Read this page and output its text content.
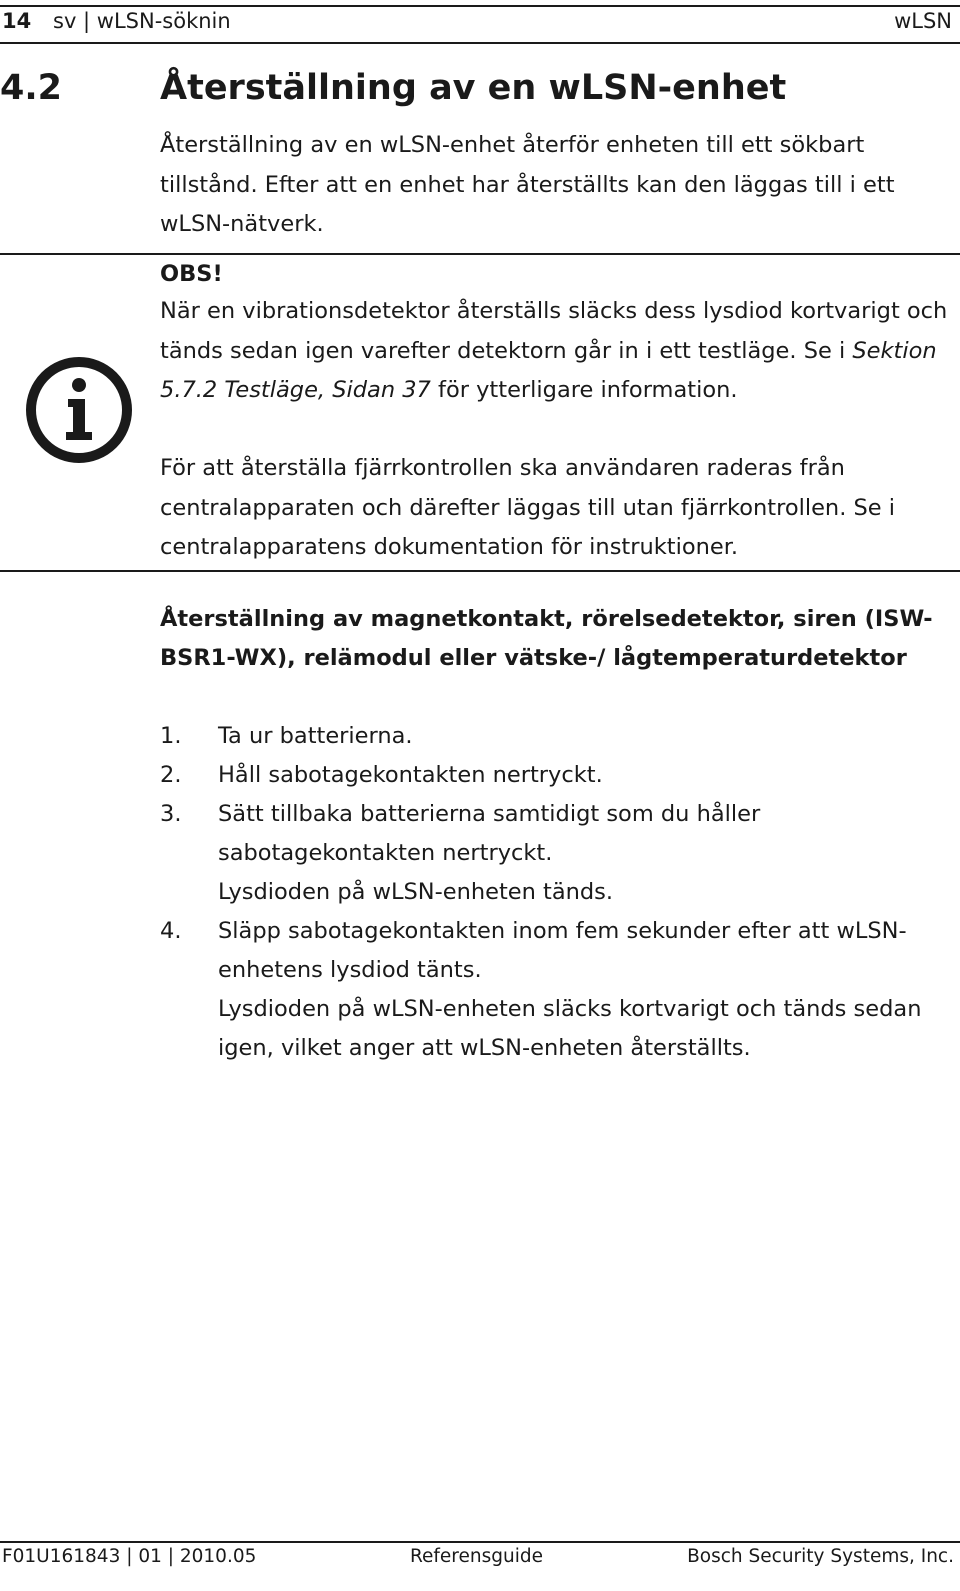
14 sv | wLSN-söknin	wLSN
4.2	Återställning av en wLSN-enhet

Återställning av en wLSN-enhet återför enheten till ett sökbart tillstånd. Efter att en enhet har återställts kan den läggas till i ett wLSN-nätverk.

OBS!

När en vibrationsdetektor återställs släcks dess lysdiod kortvarigt och tänds sedan igen varefter detektorn går in i ett testläge. Se i Sektion 5.7.2 Testläge, Sidan 37 för ytterligare information.

För att återställa fjärrkontrollen ska användaren raderas från centralapparaten och därefter läggas till utan fjärrkontrollen. Se i centralapparatens dokumentation för instruktioner.

Återställning av magnetkontakt, rörelsedetektor, siren (ISW-BSR1-WX), relämodul eller vätske-/ lågtemperaturdetektor

1. Ta ur batterierna.
2. Håll sabotagekontakten nertryckt.
3. Sätt tillbaka batterierna samtidigt som du håller sabotagekontakten nertryckt.
Lysdioden på wLSN-enheten tänds.
4. Släpp sabotagekontakten inom fem sekunder efter att wLSN-enhetens lysdiod tänts.
Lysdioden på wLSN-enheten släcks kortvarigt och tänds sedan igen, vilket anger att wLSN-enheten återställts.
F01U161843 | 01 | 2010.05	Referensguide	Bosch Security Systems, Inc.
